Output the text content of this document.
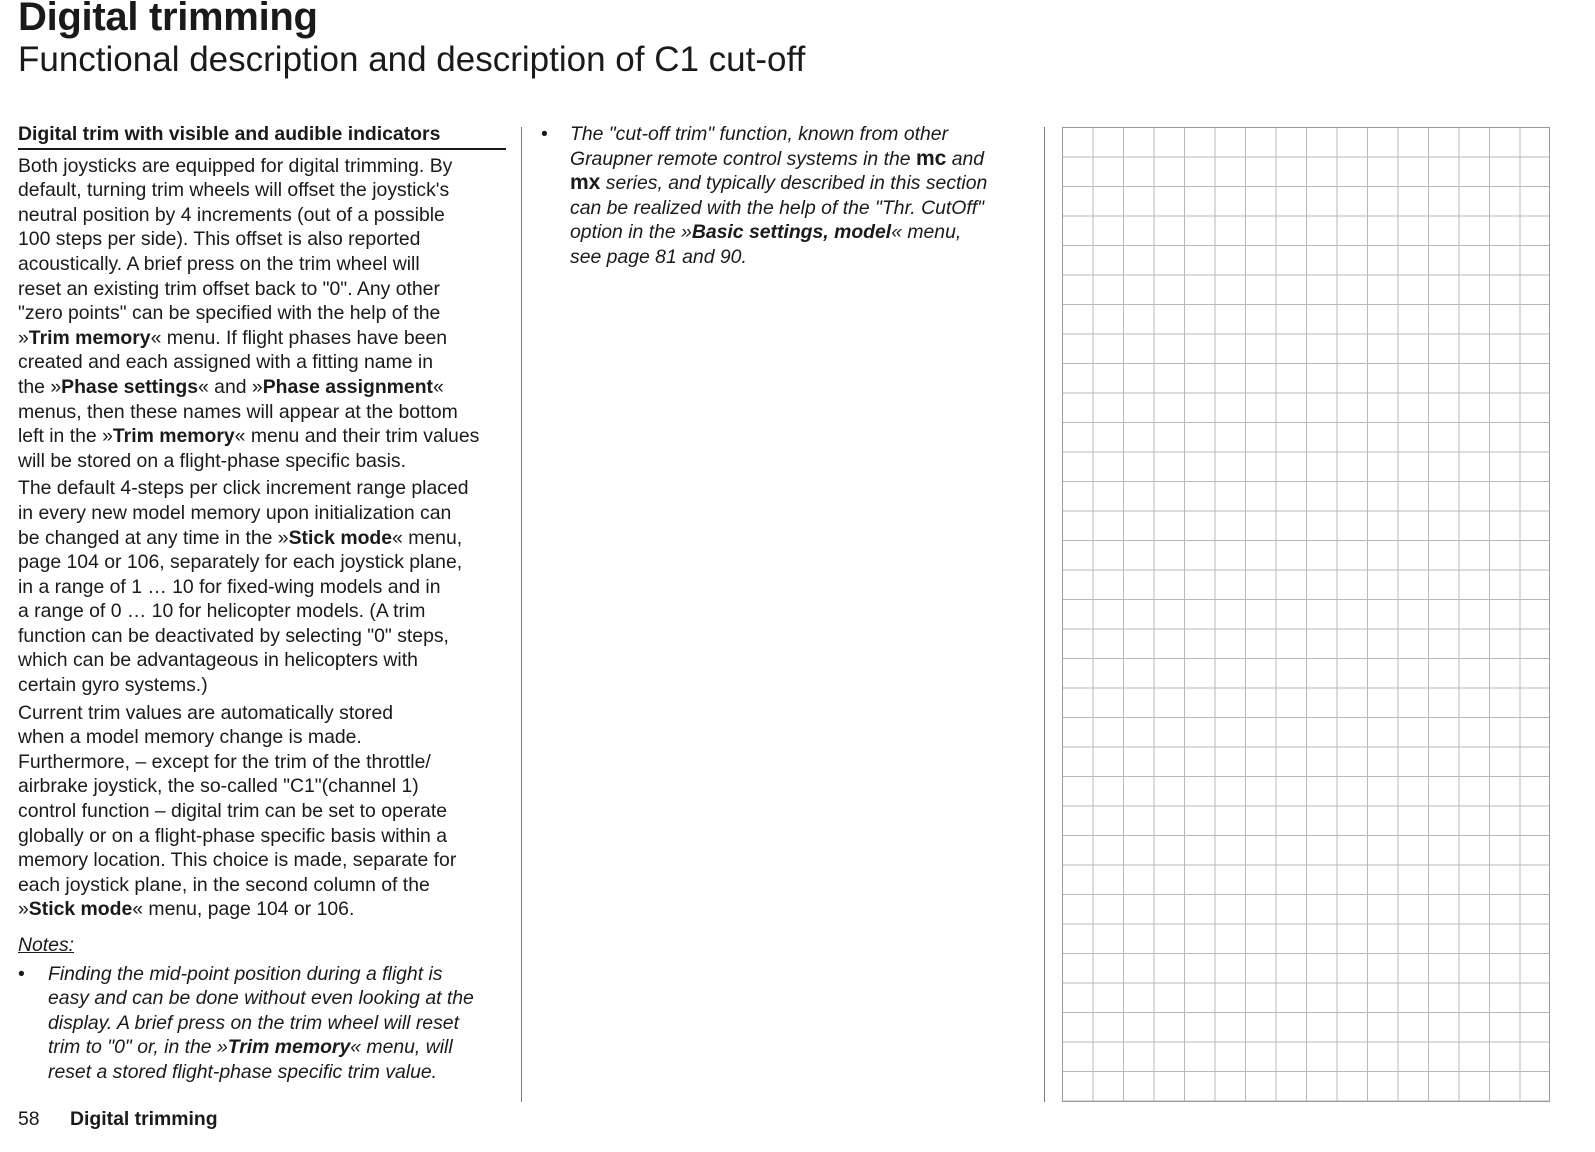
Digital trimming
Functional description and description of C1 cut-off
Digital trim with visible and audible indicators

Both joysticks are equipped for digital trimming. By
default, turning trim wheels will offset the joystick's
neutral position by 4 increments (out of a possible
100 steps per side). This offset is also reported
acoustically. A brief press on the trim wheel will
reset an existing trim offset back to "0". Any other
"zero points" can be specified with the help of the
»Trim memory« menu. If flight phases have been
created and each assigned with a fitting name in
the »Phase settings« and »Phase assignment«
menus, then these names will appear at the bottom
left in the »Trim memory« menu and their trim values
will be stored on a flight-phase specific basis.

The default 4-steps per click increment range placed
in every new model memory upon initialization can
be changed at any time in the »Stick mode« menu,
page 104 or 106, separately for each joystick plane,
in a range of 1 … 10 for fixed-wing models and in
a range of 0 … 10 for helicopter models. (A trim
function can be deactivated by selecting "0" steps,
which can be advantageous in helicopters with
certain gyro systems.)

Current trim values are automatically stored
when a model memory change is made.
Furthermore, – except for the trim of the throttle/
airbrake joystick, the so-called "C1"(channel 1)
control function – digital trim can be set to operate
globally or on a flight-phase specific basis within a
memory location. This choice is made, separate for
each joystick plane, in the second column of the
»Stick mode« menu, page 104 or 106.

Notes:
• Finding the mid-point position during a flight is
easy and can be done without even looking at the
display. A brief press on the trim wheel will reset
trim to "0" or, in the »Trim memory« menu, will
reset a stored flight-phase specific trim value.
• The "cut-off trim" function, known from other
Graupner remote control systems in the mc and
mx series, and typically described in this section
can be realized with the help of the "Thr. CutOff"
option in the »Basic settings, model« menu,
see page 81 and 90.
58 Digital trimming
